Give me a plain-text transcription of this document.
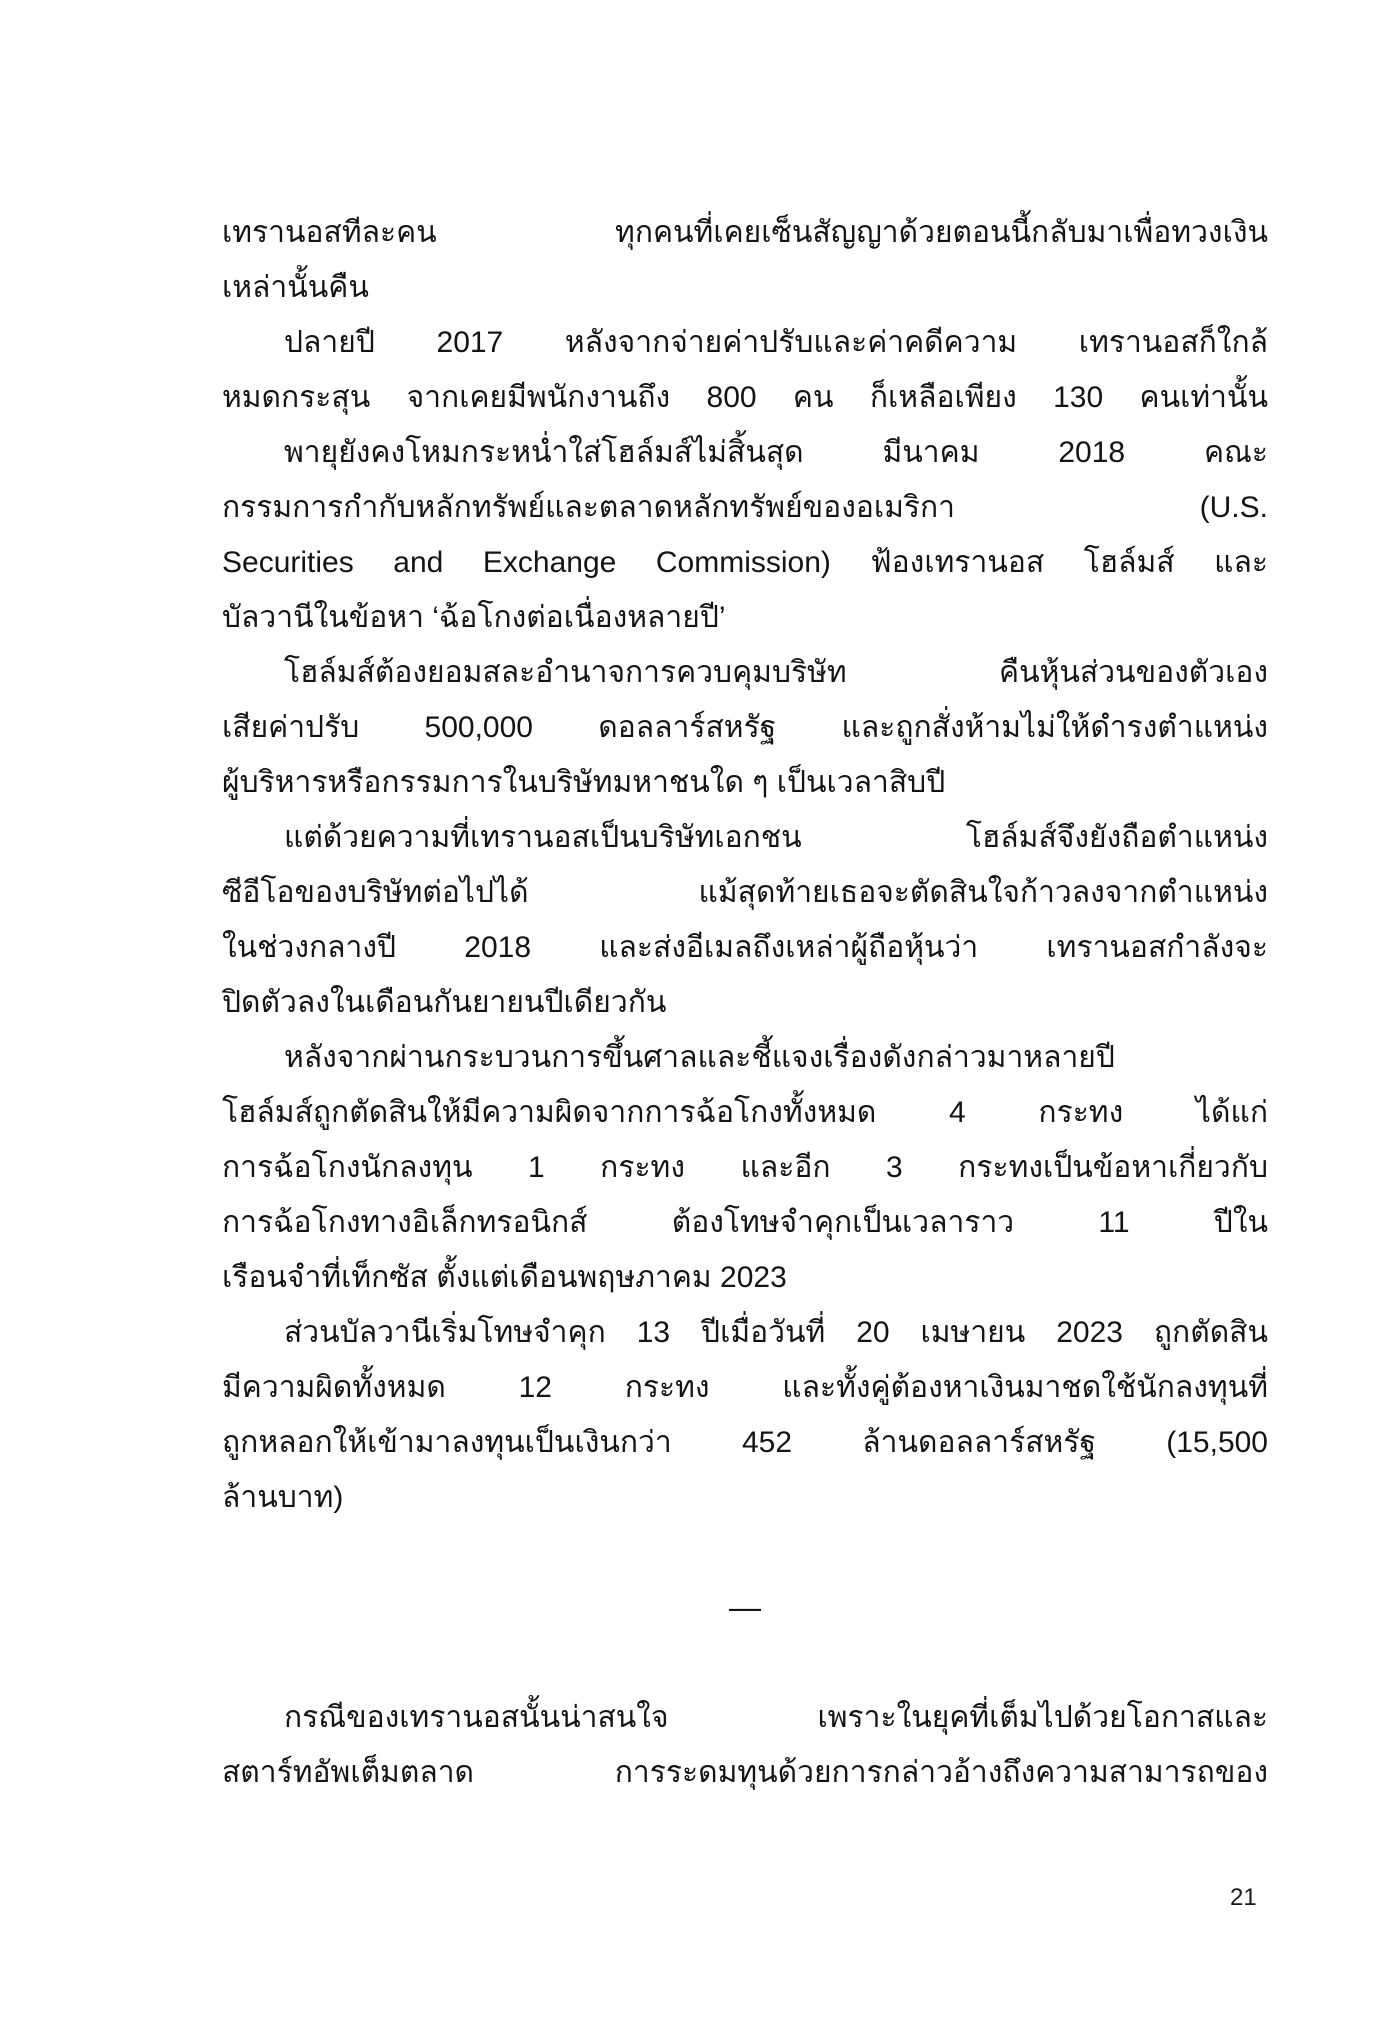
เทรานอสทีละคน ทุกคนที่เคยเซ็นสัญญาด้วยตอนนี้กลับมาเพื่อทวงเงิน
เหล่านั้นคืน
ปลายปี 2017 หลังจากจ่ายค่าปรับและค่าคดีความ เทรานอสก็ใกล้
หมดกระสุน จากเคยมีพนักงานถึง 800 คน ก็เหลือเพียง 130 คนเท่านั้น
พายุยังคงโหมกระหน่ำใส่โฮล์มส์ไม่สิ้นสุด มีนาคม 2018 คณะ
กรรมการกำกับหลักทรัพย์และตลาดหลักทรัพย์ของอเมริกา (U.S.
Securities and Exchange Commission) ฟ้องเทรานอส โฮล์มส์ และ
บัลวานีในข้อหา ‘ฉ้อโกงต่อเนื่องหลายปี’
โฮล์มส์ต้องยอมสละอำนาจการควบคุมบริษัท คืนหุ้นส่วนของตัวเอง
เสียค่าปรับ 500,000 ดอลลาร์สหรัฐ และถูกสั่งห้ามไม่ให้ดำรงตำแหน่ง
ผู้บริหารหรือกรรมการในบริษัทมหาชนใด ๆ เป็นเวลาสิบปี
แต่ด้วยความที่เทรานอสเป็นบริษัทเอกชน โฮล์มส์จึงยังถือตำแหน่ง
ซีอีโอของบริษัทต่อไปได้ แม้สุดท้ายเธอจะตัดสินใจก้าวลงจากตำแหน่ง
ในช่วงกลางปี 2018 และส่งอีเมลถึงเหล่าผู้ถือหุ้นว่า เทรานอสกำลังจะ
ปิดตัวลงในเดือนกันยายนปีเดียวกัน
หลังจากผ่านกระบวนการขึ้นศาลและชี้แจงเรื่องดังกล่าวมาหลายปี
โฮล์มส์ถูกตัดสินให้มีความผิดจากการฉ้อโกงทั้งหมด 4 กระทง ได้แก่
การฉ้อโกงนักลงทุน 1 กระทง และอีก 3 กระทงเป็นข้อหาเกี่ยวกับ
การฉ้อโกงทางอิเล็กทรอนิกส์ ต้องโทษจำคุกเป็นเวลาราว 11 ปีใน
เรือนจำที่เท็กซัส ตั้งแต่เดือนพฤษภาคม 2023
ส่วนบัลวานีเริ่มโทษจำคุก 13 ปีเมื่อวันที่ 20 เมษายน 2023 ถูกตัดสิน
มีความผิดทั้งหมด 12 กระทง และทั้งคู่ต้องหาเงินมาชดใช้นักลงทุนที่
ถูกหลอกให้เข้ามาลงทุนเป็นเงินกว่า 452 ล้านดอลลาร์สหรัฐ (15,500
ล้านบาท)
—
กรณีของเทรานอสนั้นน่าสนใจ เพราะในยุคที่เต็มไปด้วยโอกาสและ
สตาร์ทอัพเต็มตลาด การระดมทุนด้วยการกล่าวอ้างถึงความสามารถของ
21
